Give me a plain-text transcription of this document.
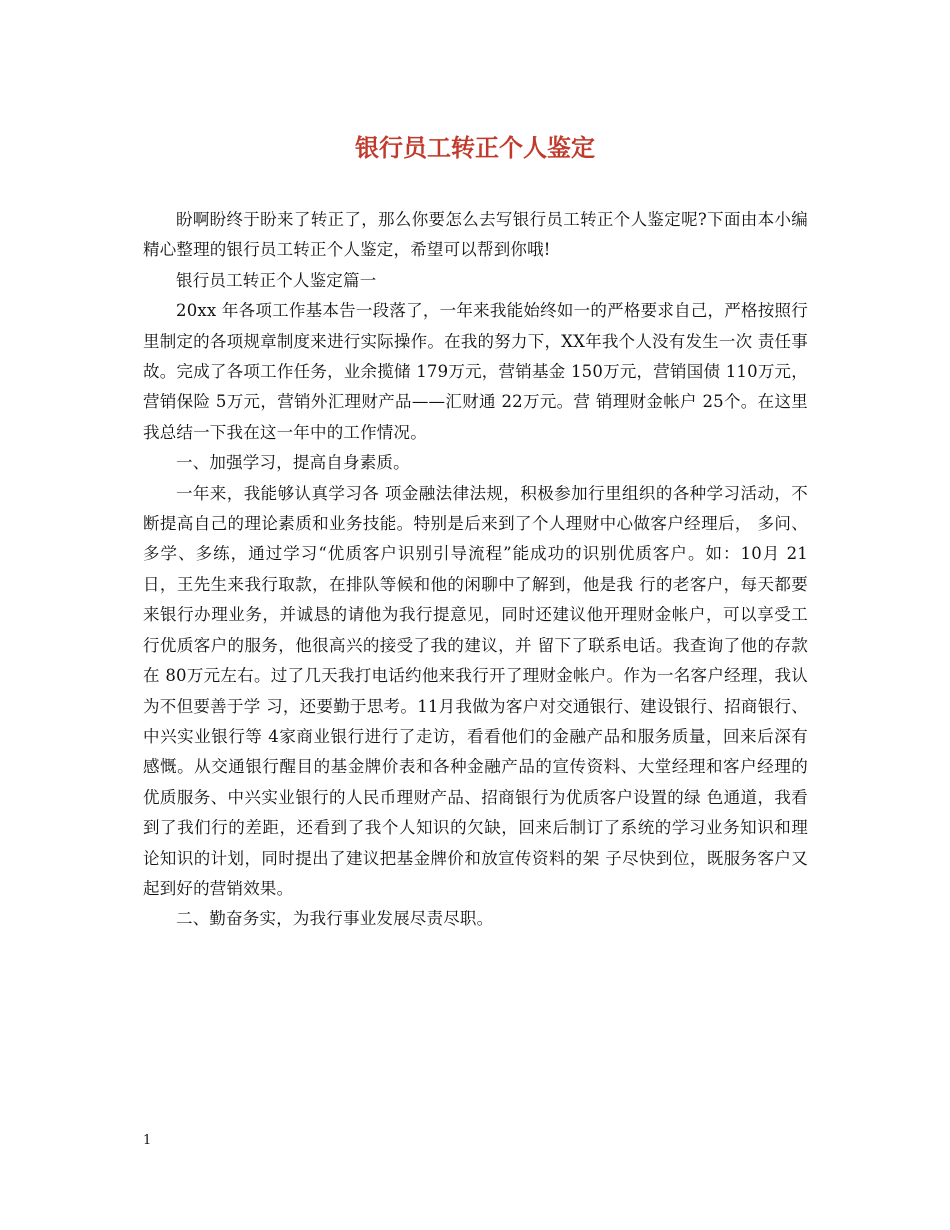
银行员工转正个人鉴定

盼啊盼终于盼来了转正了，那么你要怎么去写银行员工转正个人鉴定呢?下面由本小编精心整理的银行员工转正个人鉴定，希望可以帮到你哦!

银行员工转正个人鉴定篇一

20xx 年各项工作基本告一段落了，一年来我能始终如一的严格要求自己，严格按照行里制定的各项规章制度来进行实际操作。在我的努力下，XX年我个人没有发生一次 责任事故。完成了各项工作任务，业余揽储 179万元，营销基金 150万元，营销国债 110万元，营销保险 5万元，营销外汇理财产品——汇财通 22万元。营 销理财金帐户 25个。在这里我总结一下我在这一年中的工作情况。

一、加强学习，提高自身素质。

一年来，我能够认真学习各 项金融法律法规，积极参加行里组织的各种学习活动，不断提高自己的理论素质和业务技能。特别是后来到了个人理财中心做客户经理后， 多问、多学、多练，通过学习“优质客户识别引导流程”能成功的识别优质客户。如：10月 21日，王先生来我行取款，在排队等候和他的闲聊中了解到，他是我 行的老客户，每天都要来银行办理业务，并诚恳的请他为我行提意见，同时还建议他开理财金帐户，可以享受工行优质客户的服务，他很高兴的接受了我的建议，并 留下了联系电话。我查询了他的存款在 80万元左右。过了几天我打电话约他来我行开了理财金帐户。作为一名客户经理，我认为不但要善于学 习，还要勤于思考。11月我做为客户对交通银行、建设银行、招商银行、中兴实业银行等 4家商业银行进行了走访，看看他们的金融产品和服务质量，回来后深有 感慨。从交通银行醒目的基金牌价表和各种金融产品的宣传资料、大堂经理和客户经理的优质服务、中兴实业银行的人民币理财产品、招商银行为优质客户设置的绿 色通道，我看到了我们行的差距，还看到了我个人知识的欠缺，回来后制订了系统的学习业务知识和理论知识的计划，同时提出了建议把基金牌价和放宣传资料的架 子尽快到位，既服务客户又起到好的营销效果。

二、勤奋务实，为我行事业发展尽责尽职。

1
